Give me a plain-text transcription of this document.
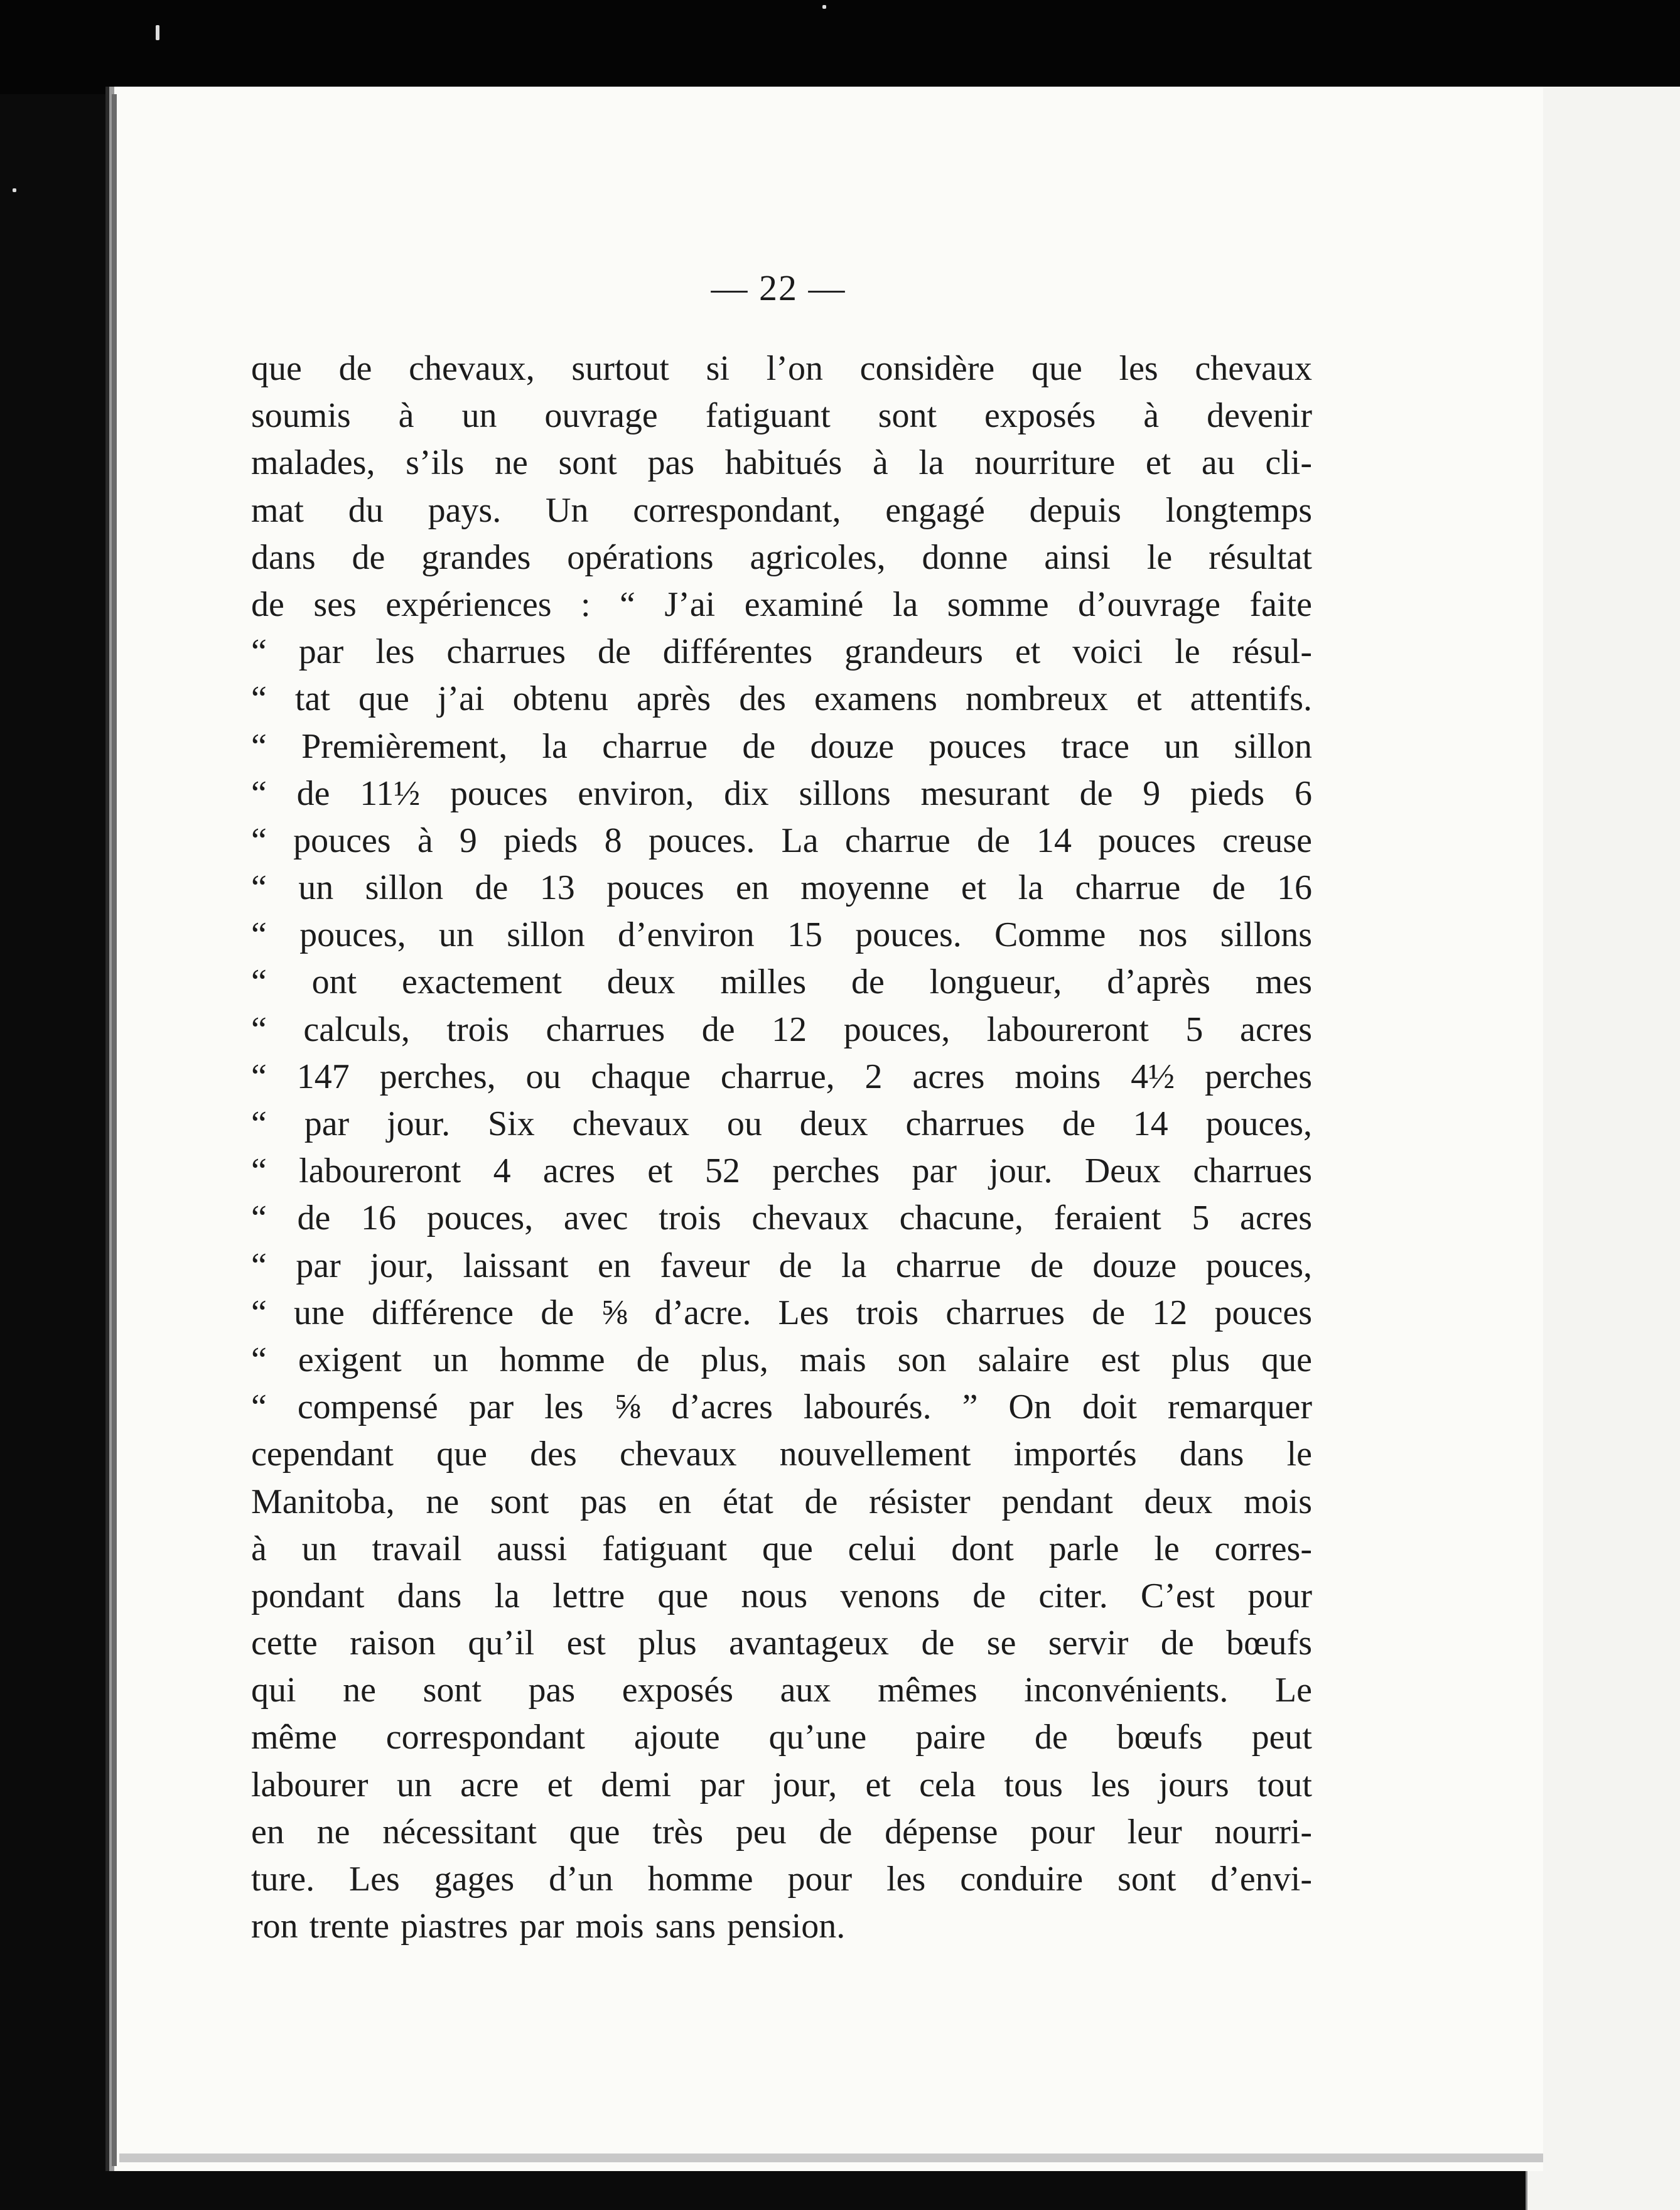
— 22 —
que de chevaux, surtout si l’on considère que les chevaux
soumis à un ouvrage fatiguant sont exposés à devenir
malades, s’ils ne sont pas habitués à la nourriture et au cli-
mat du pays. Un correspondant, engagé depuis longtemps
dans de grandes opérations agricoles, donne ainsi le résultat
de ses expériences : “ J’ai examiné la somme d’ouvrage faite
“ par les charrues de différentes grandeurs et voici le résul-
“ tat que j’ai obtenu après des examens nombreux et attentifs.
“ Premièrement, la charrue de douze pouces trace un sillon
“ de 11½ pouces environ, dix sillons mesurant de 9 pieds 6
“ pouces à 9 pieds 8 pouces. La charrue de 14 pouces creuse
“ un sillon de 13 pouces en moyenne et la charrue de 16
“ pouces, un sillon d’environ 15 pouces. Comme nos sillons
“ ont exactement deux milles de longueur, d’après mes
“ calculs, trois charrues de 12 pouces, laboureront 5 acres
“ 147 perches, ou chaque charrue, 2 acres moins 4½ perches
“ par jour. Six chevaux ou deux charrues de 14 pouces,
“ laboureront 4 acres et 52 perches par jour. Deux charrues
“ de 16 pouces, avec trois chevaux chacune, feraient 5 acres
“ par jour, laissant en faveur de la charrue de douze pouces,
“ une différence de ⅝ d’acre. Les trois charrues de 12 pouces
“ exigent un homme de plus, mais son salaire est plus que
“ compensé par les ⅝ d’acres labourés. ” On doit remarquer
cependant que des chevaux nouvellement importés dans le
Manitoba, ne sont pas en état de résister pendant deux mois
à un travail aussi fatiguant que celui dont parle le corres-
pondant dans la lettre que nous venons de citer. C’est pour
cette raison qu’il est plus avantageux de se servir de bœufs
qui ne sont pas exposés aux mêmes inconvénients. Le
même correspondant ajoute qu’une paire de bœufs peut
labourer un acre et demi par jour, et cela tous les jours tout
en ne nécessitant que très peu de dépense pour leur nourri-
ture. Les gages d’un homme pour les conduire sont d’envi-
ron trente piastres par mois sans pension.
